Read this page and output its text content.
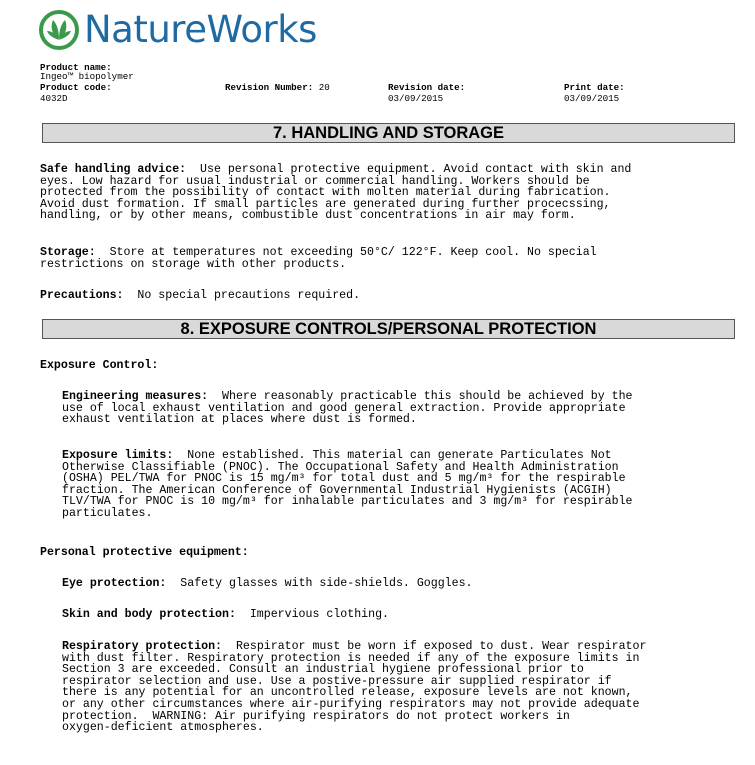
NatureWorks
Product name:
Ingeo™ biopolymer
Product code:
4032D
Revision Number: 20	Revision date:
03/09/2015
Print date:
03/09/2015
7. HANDLING AND STORAGE
Safe handling advice:  Use personal protective equipment. Avoid contact with skin and
eyes. Low hazard for usual industrial or commercial handling. Workers should be
protected from the possibility of contact with molten material during fabrication.
Avoid dust formation. If small particles are generated during further procecssing,
handling, or by other means, combustible dust concentrations in air may form.
Storage:  Store at temperatures not exceeding 50°C/ 122°F. Keep cool. No special
restrictions on storage with other products.
Precautions:  No special precautions required.
8. EXPOSURE CONTROLS/PERSONAL PROTECTION
Exposure Control:
Engineering measures:  Where reasonably practicable this should be achieved by the
use of local exhaust ventilation and good general extraction. Provide appropriate
exhaust ventilation at places where dust is formed.
Exposure limits:  None established. This material can generate Particulates Not
Otherwise Classifiable (PNOC). The Occupational Safety and Health Administration
(OSHA) PEL/TWA for PNOC is 15 mg/m³ for total dust and 5 mg/m³ for the respirable
fraction. The American Conference of Governmental Industrial Hygienists (ACGIH)
TLV/TWA for PNOC is 10 mg/m³ for inhalable particulates and 3 mg/m³ for respirable
particulates.
Personal protective equipment:
Eye protection:  Safety glasses with side-shields. Goggles.
Skin and body protection:  Impervious clothing.
Respiratory protection:  Respirator must be worn if exposed to dust. Wear respirator
with dust filter. Respiratory protection is needed if any of the exposure limits in
Section 3 are exceeded. Consult an industrial hygiene professional prior to
respirator selection and use. Use a postive-pressure air supplied respirator if
there is any potential for an uncontrolled release, exposure levels are not known,
or any other circumstances where air-purifying respirators may not provide adequate
protection.  WARNING: Air purifying respirators do not protect workers in
oxygen-deficient atmospheres.
